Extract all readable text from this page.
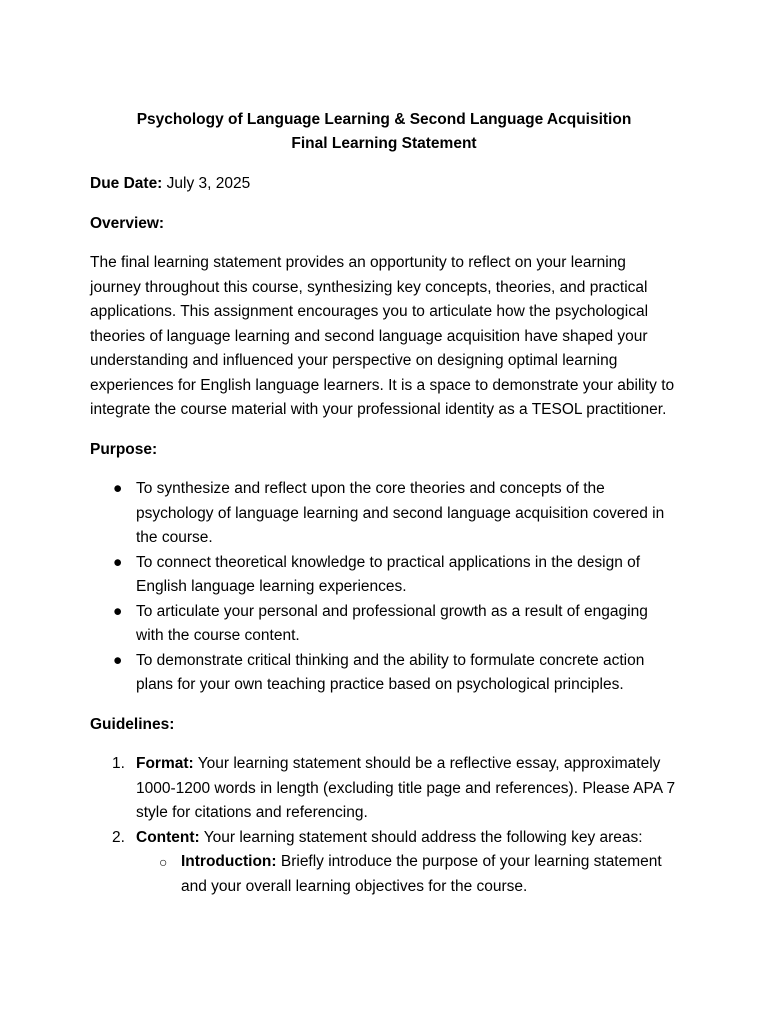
Psychology of Language Learning & Second Language Acquisition
Final Learning Statement

Due Date: July 3, 2025

Overview:

The final learning statement provides an opportunity to reflect on your learning journey throughout this course, synthesizing key concepts, theories, and practical applications. This assignment encourages you to articulate how the psychological theories of language learning and second language acquisition have shaped your understanding and influenced your perspective on designing optimal learning experiences for English language learners. It is a space to demonstrate your ability to integrate the course material with your professional identity as a TESOL practitioner.

Purpose:

● To synthesize and reflect upon the core theories and concepts of the psychology of language learning and second language acquisition covered in the course.
● To connect theoretical knowledge to practical applications in the design of English language learning experiences.
● To articulate your personal and professional growth as a result of engaging with the course content.
● To demonstrate critical thinking and the ability to formulate concrete action plans for your own teaching practice based on psychological principles.

Guidelines:

1. Format: Your learning statement should be a reflective essay, approximately 1000-1200 words in length (excluding title page and references). Please APA 7 style for citations and referencing.
2. Content: Your learning statement should address the following key areas:
○ Introduction: Briefly introduce the purpose of your learning statement and your overall learning objectives for the course.
